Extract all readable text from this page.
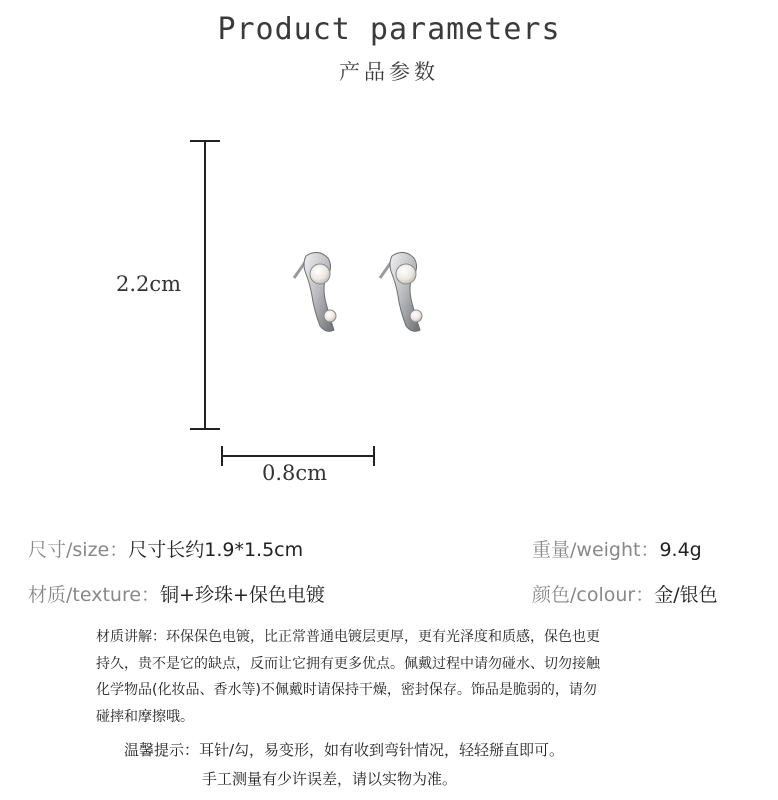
Product parameters
产品参数
2.2cm
0.8cm
尺寸/size：尺寸长约1.9*1.5cm	重量/weight：9.4g
材质/texture：铜+珍珠+保色电镀	颜色/colour：金/银色
材质讲解：环保保色电镀，比正常普通电镀层更厚，更有光泽度和质感，保色也更
持久，贵不是它的缺点，反而让它拥有更多优点。佩戴过程中请勿碰水、切勿接触
化学物品(化妆品、香水等)不佩戴时请保持干燥，密封保存。饰品是脆弱的，请勿
碰摔和摩擦哦。
温馨提示：耳针/勾，易变形，如有收到弯针情况，轻轻掰直即可。
手工测量有少许误差，请以实物为准。
